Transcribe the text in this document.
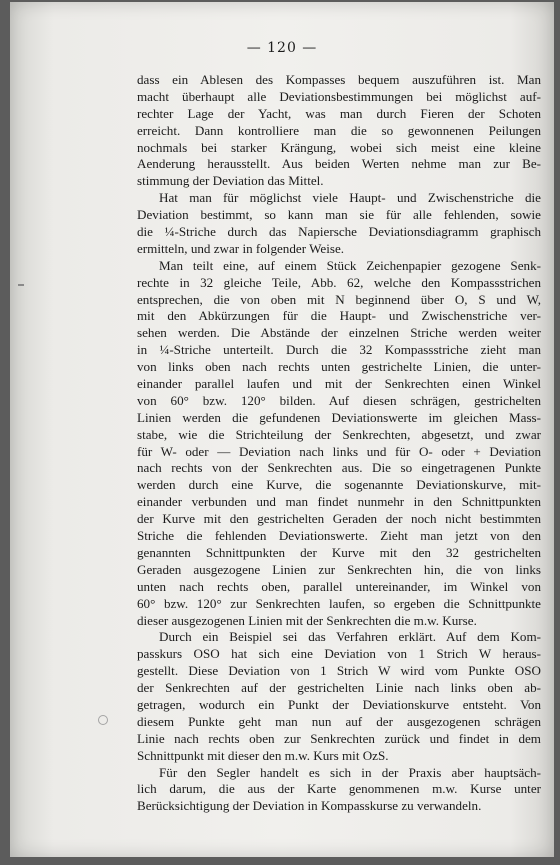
— 120 —
dass ein Ablesen des Kompasses bequem auszuführen ist. Man
macht überhaupt alle Deviationsbestimmungen bei möglichst auf-
rechter Lage der Yacht, was man durch Fieren der Schoten
erreicht. Dann kontrolliere man die so gewonnenen Peilungen
nochmals bei starker Krängung, wobei sich meist eine kleine
Aenderung herausstellt. Aus beiden Werten nehme man zur Be-
stimmung der Deviation das Mittel.
Hat man für möglichst viele Haupt- und Zwischenstriche die
Deviation bestimmt, so kann man sie für alle fehlenden, sowie
die ¼-Striche durch das Napiersche Deviationsdiagramm graphisch
ermitteln, und zwar in folgender Weise.
Man teilt eine, auf einem Stück Zeichenpapier gezogene Senk-
rechte in 32 gleiche Teile, Abb. 62, welche den Kompassstrichen
entsprechen, die von oben mit N beginnend über O, S und W,
mit den Abkürzungen für die Haupt- und Zwischenstriche ver-
sehen werden. Die Abstände der einzelnen Striche werden weiter
in ¼-Striche unterteilt. Durch die 32 Kompassstriche zieht man
von links oben nach rechts unten gestrichelte Linien, die unter-
einander parallel laufen und mit der Senkrechten einen Winkel
von 60° bzw. 120° bilden. Auf diesen schrägen, gestrichelten
Linien werden die gefundenen Deviationswerte im gleichen Mass-
stabe, wie die Strichteilung der Senkrechten, abgesetzt, und zwar
für W- oder — Deviation nach links und für O- oder + Deviation
nach rechts von der Senkrechten aus. Die so eingetragenen Punkte
werden durch eine Kurve, die sogenannte Deviationskurve, mit-
einander verbunden und man findet nunmehr in den Schnittpunkten
der Kurve mit den gestrichelten Geraden der noch nicht bestimmten
Striche die fehlenden Deviationswerte. Zieht man jetzt von den
genannten Schnittpunkten der Kurve mit den 32 gestrichelten
Geraden ausgezogene Linien zur Senkrechten hin, die von links
unten nach rechts oben, parallel untereinander, im Winkel von
60° bzw. 120° zur Senkrechten laufen, so ergeben die Schnittpunkte
dieser ausgezogenen Linien mit der Senkrechten die m.w. Kurse.
Durch ein Beispiel sei das Verfahren erklärt. Auf dem Kom-
passkurs OSO hat sich eine Deviation von 1 Strich W heraus-
gestellt. Diese Deviation von 1 Strich W wird vom Punkte OSO
der Senkrechten auf der gestrichelten Linie nach links oben ab-
getragen, wodurch ein Punkt der Deviationskurve entsteht. Von
diesem Punkte geht man nun auf der ausgezogenen schrägen
Linie nach rechts oben zur Senkrechten zurück und findet in dem
Schnittpunkt mit dieser den m.w. Kurs mit OzS.
Für den Segler handelt es sich in der Praxis aber hauptsäch-
lich darum, die aus der Karte genommenen m.w. Kurse unter
Berücksichtigung der Deviation in Kompasskurse zu verwandeln.
